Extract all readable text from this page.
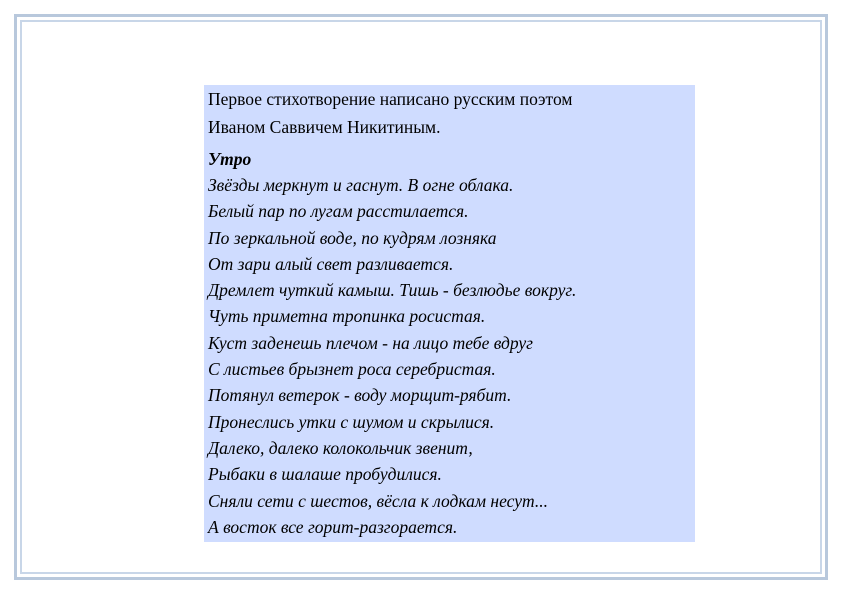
Первое стихотворение написано русским поэтом
Иваном Саввичем Никитиным.
Утро
Звёзды меркнут и гаснут. В огне облака.
Белый пар по лугам расстилается.
По зеркальной воде, по кудрям лозняка
От зари алый свет разливается.
Дремлет чуткий камыш. Тишь - безлюдье вокруг.
Чуть приметна тропинка росистая.
Куст заденешь плечом - на лицо тебе вдруг
С листьев брызнет роса серебристая.
Потянул ветерок - воду морщит-рябит.
Пронеслись утки с шумом и скрылися.
Далеко, далеко колокольчик звенит,
Рыбаки в шалаше пробудилися.
Сняли сети с шестов, вёсла к лодкам несут...
А восток все горит-разгорается.
